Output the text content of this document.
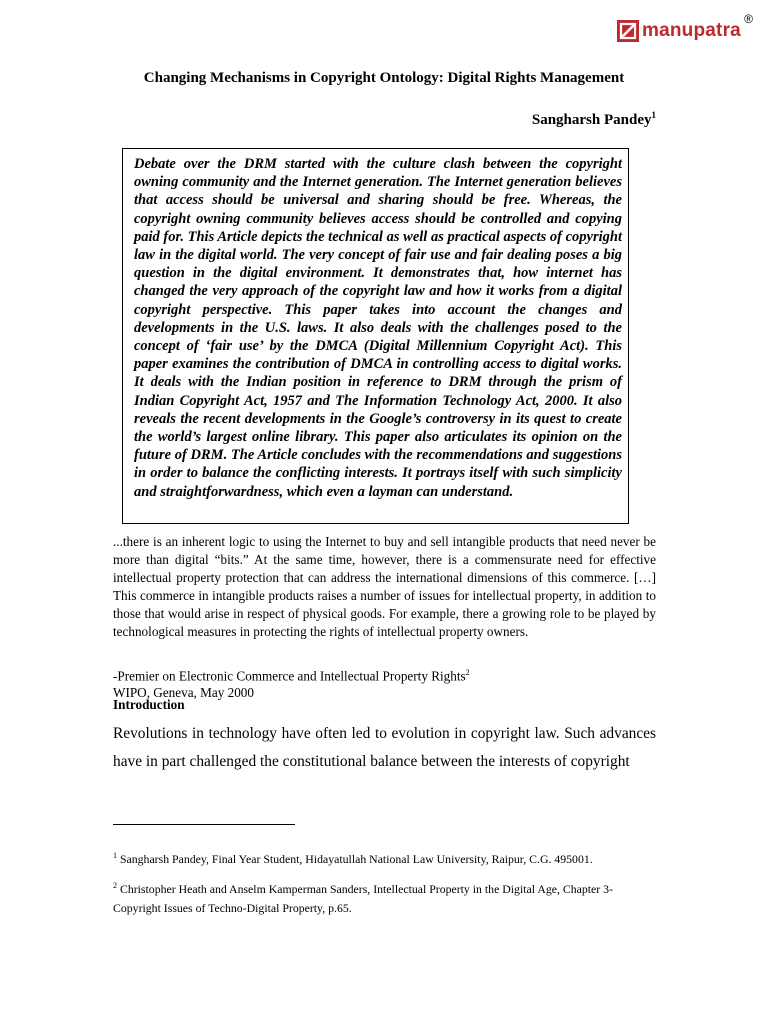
manupatra
®
Changing Mechanisms in Copyright Ontology: Digital Rights Management
Sangharsh Pandey$^1$
Debate over the DRM started with the culture clash between the copyright owning community and the Internet generation. The Internet generation believes that access should be universal and sharing should be free. Whereas, the copyright owning community believes access should be controlled and copying paid for. This Article depicts the technical as well as practical aspects of copyright law in the digital world. The very concept of fair use and fair dealing poses a big question in the digital environment. It demonstrates that, how internet has changed the very approach of the copyright law and how it works from a digital copyright perspective. This paper takes into account the changes and developments in the U.S. laws. It also deals with the challenges posed to the concept of ‘fair use’ by the DMCA (Digital Millennium Copyright Act). This paper examines the contribution of DMCA in controlling access to digital works. It deals with the Indian position in reference to DRM through the prism of Indian Copyright Act, 1957 and The Information Technology Act, 2000. It also reveals the recent developments in the Google’s controversy in its quest to create the world’s largest online library. This paper also articulates its opinion on the future of DRM. The Article concludes with the recommendations and suggestions in order to balance the conflicting interests. It portrays itself with such simplicity and straightforwardness, which even a layman can understand.
...there is an inherent logic to using the Internet to buy and sell intangible products that need never be more than digital “bits.” At the same time, however, there is a commensurate need for effective intellectual property protection that can address the international dimensions of this commerce. […] This commerce in intangible products raises a number of issues for intellectual property, in addition to those that would arise in respect of physical goods. For example, there a growing role to be played by technological measures in protecting the rights of intellectual property owners.
-Premier on Electronic Commerce and Intellectual Property Rights$^2$
WIPO, Geneva, May 2000
Introduction
Revolutions in technology have often led to evolution in copyright law. Such advances have in part challenged the constitutional balance between the interests of copyright
$^1$ Sangharsh Pandey, Final Year Student, Hidayatullah National Law University, Raipur, C.G. 495001.
$^2$ Christopher Heath and Anselm Kamperman Sanders, Intellectual Property in the Digital Age, Chapter 3- Copyright Issues of Techno-Digital Property, p.65.
